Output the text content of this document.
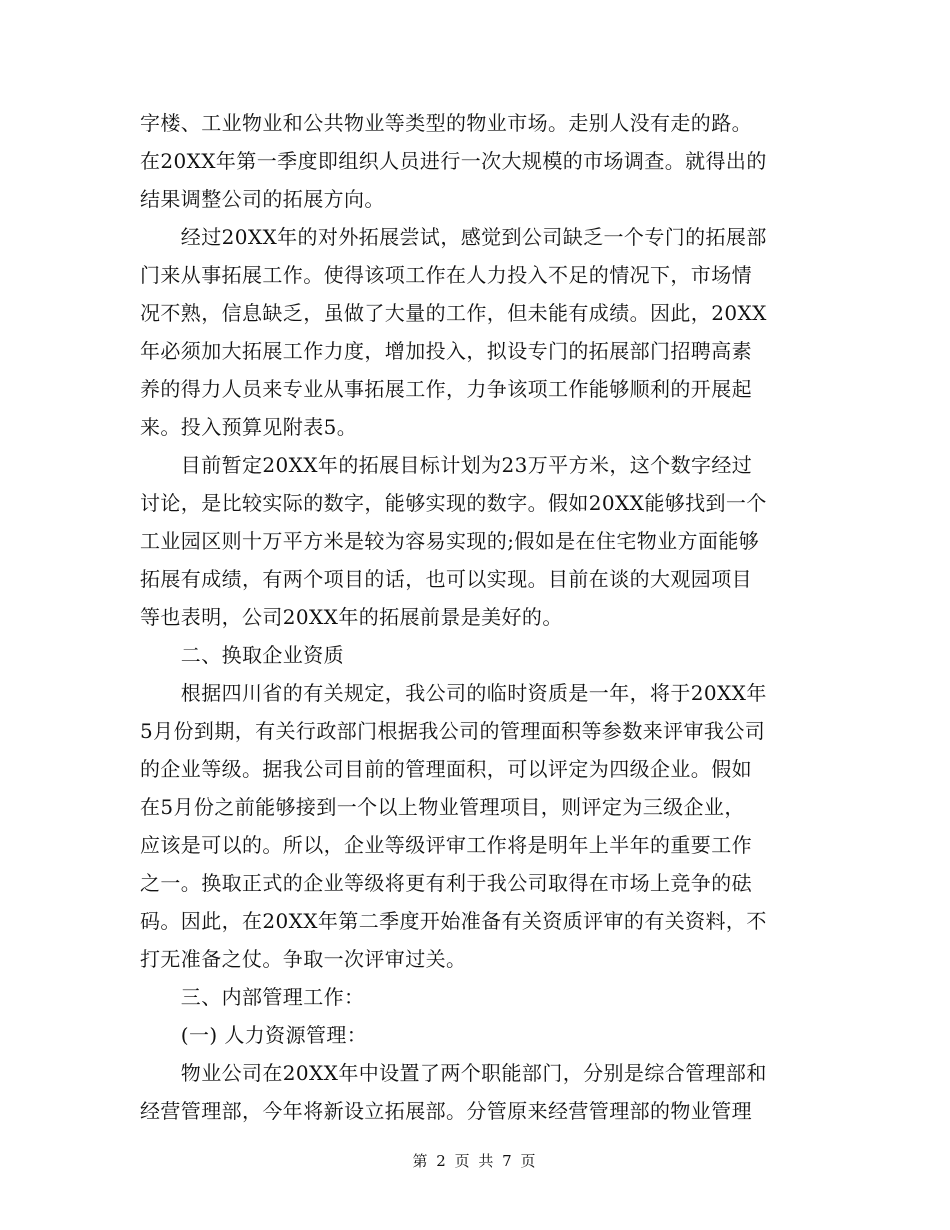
字楼、工业物业和公共物业等类型的物业市场。走别人没有走的路。
在20XX年第一季度即组织人员进行一次大规模的市场调查。就得出的
结果调整公司的拓展方向。
　　经过20XX年的对外拓展尝试，感觉到公司缺乏一个专门的拓展部
门来从事拓展工作。使得该项工作在人力投入不足的情况下，市场情
况不熟，信息缺乏，虽做了大量的工作，但未能有成绩。因此，20XX
年必须加大拓展工作力度，增加投入，拟设专门的拓展部门招聘高素
养的得力人员来专业从事拓展工作，力争该项工作能够顺利的开展起
来。投入预算见附表5。
　　目前暂定20XX年的拓展目标计划为23万平方米，这个数字经过
讨论，是比较实际的数字，能够实现的数字。假如20XX能够找到一个
工业园区则十万平方米是较为容易实现的;假如是在住宅物业方面能够
拓展有成绩，有两个项目的话，也可以实现。目前在谈的大观园项目
等也表明，公司20XX年的拓展前景是美好的。
　　二、换取企业资质
　　根据四川省的有关规定，我公司的临时资质是一年，将于20XX年
5月份到期，有关行政部门根据我公司的管理面积等参数来评审我公司
的企业等级。据我公司目前的管理面积，可以评定为四级企业。假如
在5月份之前能够接到一个以上物业管理项目，则评定为三级企业，
应该是可以的。所以，企业等级评审工作将是明年上半年的重要工作
之一。换取正式的企业等级将更有利于我公司取得在市场上竞争的砝
码。因此，在20XX年第二季度开始准备有关资质评审的有关资料，不
打无准备之仗。争取一次评审过关。
　　三、内部管理工作：
　　(一) 人力资源管理：
　　物业公司在20XX年中设置了两个职能部门，分别是综合管理部和
经营管理部，今年将新设立拓展部。分管原来经营管理部的物业管理
第 2 页 共 7 页
